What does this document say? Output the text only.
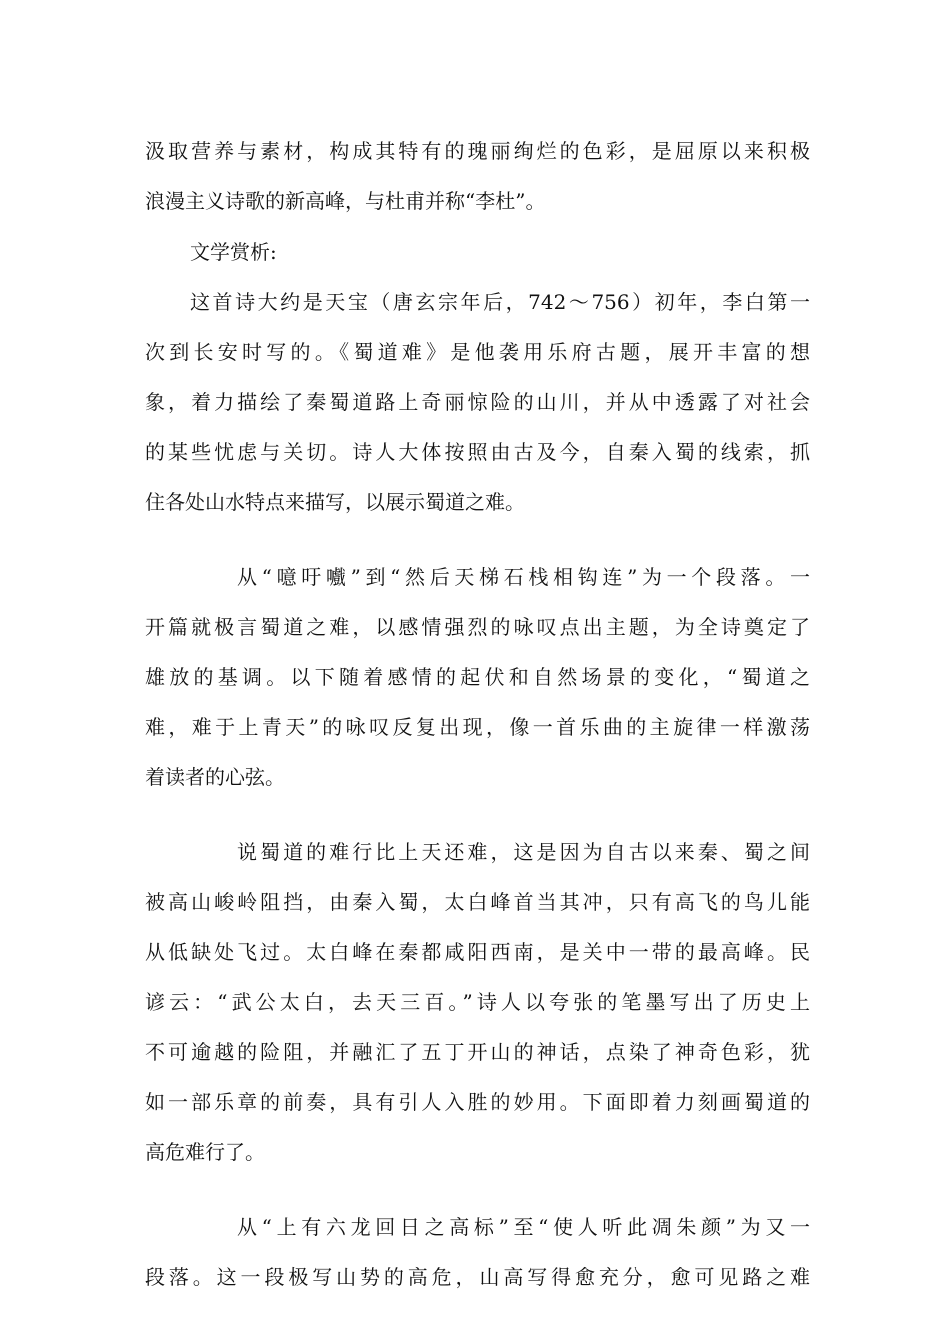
汲取营养与素材，构成其特有的瑰丽绚烂的色彩，是屈原以来积极
浪漫主义诗歌的新高峰，与杜甫并称“李杜”。
文学赏析:
这首诗大约是天宝（唐玄宗年后，742～756）初年，李白第一
次到长安时写的。《蜀道难》是他袭用乐府古题，展开丰富的想
象，着力描绘了秦蜀道路上奇丽惊险的山川，并从中透露了对社会
的某些忧虑与关切。诗人大体按照由古及今，自秦入蜀的线索，抓
住各处山水特点来描写，以展示蜀道之难。
从“噫吁嚱”到“然后天梯石栈相钩连”为一个段落。一
开篇就极言蜀道之难，以感情强烈的咏叹点出主题，为全诗奠定了
雄放的基调。以下随着感情的起伏和自然场景的变化，“蜀道之
难，难于上青天”的咏叹反复出现，像一首乐曲的主旋律一样激荡
着读者的心弦。
说蜀道的难行比上天还难，这是因为自古以来秦、蜀之间
被高山峻岭阻挡，由秦入蜀，太白峰首当其冲，只有高飞的鸟儿能
从低缺处飞过。太白峰在秦都咸阳西南，是关中一带的最高峰。民
谚云：“武公太白，去天三百。”诗人以夸张的笔墨写出了历史上
不可逾越的险阻，并融汇了五丁开山的神话，点染了神奇色彩，犹
如一部乐章的前奏，具有引人入胜的妙用。下面即着力刻画蜀道的
高危难行了。
从“上有六龙回日之高标”至“使人听此凋朱颜”为又一
段落。这一段极写山势的高危，山高写得愈充分，愈可见路之难
